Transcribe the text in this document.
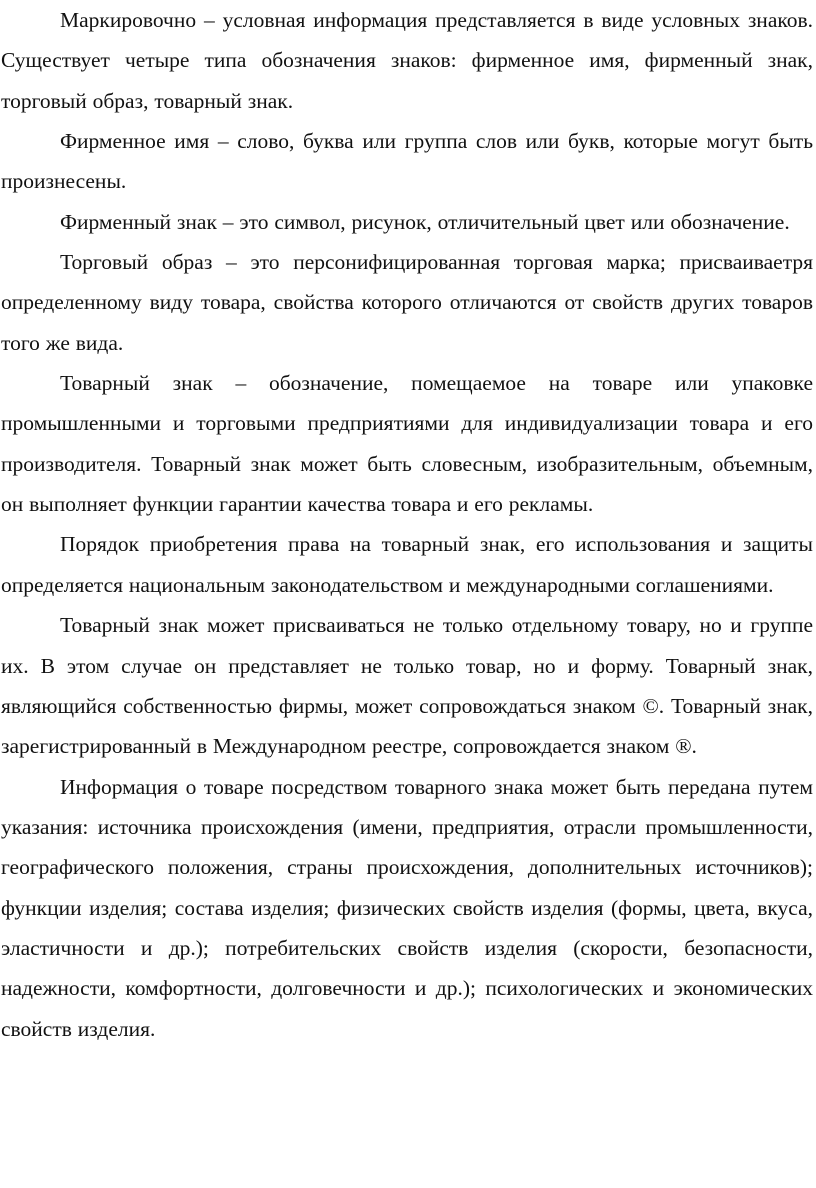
Маркировочно – условная информация представляется в виде условных знаков. Существует четыре типа обозначения знаков: фирменное имя, фирменный знак, торговый образ, товарный знак.

Фирменное имя – слово, буква или группа слов или букв, которые могут быть произнесены.

Фирменный знак – это символ, рисунок, отличительный цвет или обозначение.

Торговый образ – это персонифицированная торговая марка; присваиваетря определенному виду товара, свойства которого отличаются от свойств других товаров того же вида.

Товарный знак – обозначение, помещаемое на товаре или упаковке промышленными и торговыми предприятиями для индивидуализации товара и его производителя. Товарный знак может быть словесным, изобразительным, объемным, он выполняет функции гарантии качества товара и его рекламы.

Порядок приобретения права на товарный знак, его использования и защиты определяется национальным законодательством и международными соглашениями.

Товарный знак может присваиваться не только отдельному товару, но и группе их. В этом случае он представляет не только товар, но и форму. Товарный знак, являющийся собственностью фирмы, может сопровождаться знаком ©. Товарный знак, зарегистрированный в Международном реестре, сопровождается знаком ®.

Информация о товаре посредством товарного знака может быть передана путем указания: источника происхождения (имени, предприятия, отрасли промышленности, географического положения, страны происхождения, дополнительных источников); функции изделия; состава изделия; физических свойств изделия (формы, цвета, вкуса, эластичности и др.); потребительских свойств изделия (скорости, безопасности, надежности, комфортности, долговечности и др.); психологических и экономических свойств изделия.
